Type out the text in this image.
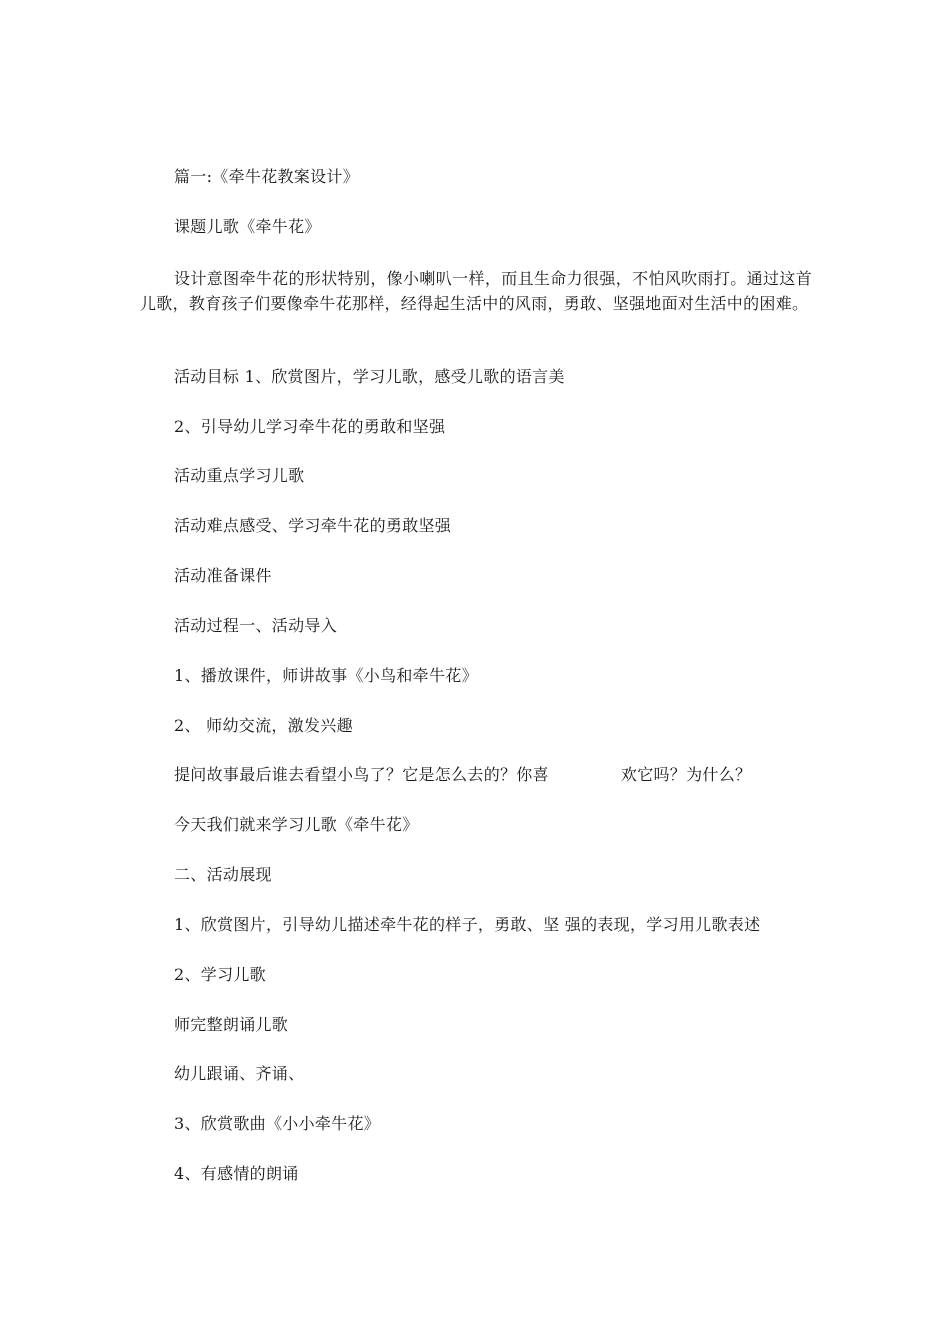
篇一:《牵牛花教案设计》
课题儿歌《牵牛花》
设计意图牵牛花的形状特别，像小喇叭一样，而且生命力很强，不怕风吹雨打。通过这首儿歌，教育孩子们要像牵牛花那样，经得起生活中的风雨，勇敢、坚强地面对生活中的困难。
活动目标 1、欣赏图片，学习儿歌，感受儿歌的语言美
2、引导幼儿学习牵牛花的勇敢和坚强
活动重点学习儿歌
活动难点感受、学习牵牛花的勇敢坚强
活动准备课件
活动过程一、活动导入
1、播放课件，师讲故事《小鸟和牵牛花》
2、 师幼交流，激发兴趣
提问故事最后谁去看望小鸟了？它是怎么去的？你喜	欢它吗？为什么？
今天我们就来学习儿歌《牵牛花》
二、活动展现
1、欣赏图片，引导幼儿描述牵牛花的样子，勇敢、坚 强的表现，学习用儿歌表述
2、学习儿歌
师完整朗诵儿歌
幼儿跟诵、齐诵、
3、欣赏歌曲《小小牵牛花》
4、有感情的朗诵
